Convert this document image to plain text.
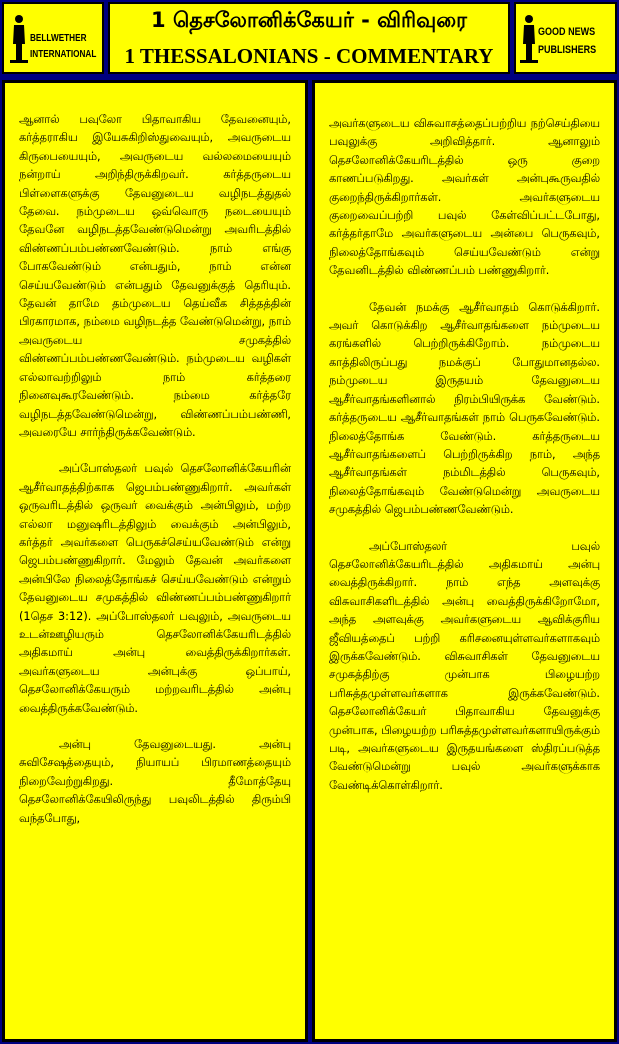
BELLWETHER
INTERNATIONAL
1 தெசலோனிக்கேயர் - விரிவுரை
1 THESSALONIANS - COMMENTARY
GOOD NEWS
PUBLISHERS

ஆனால் பவுலோ பிதாவாகிய தேவனையும், கர்த்தராகிய இயேசுகிறிஸ்துவையும், அவருடைய கிருபையையும், அவருடைய வல்லமையையும் நன்றாய் அறிந்திருக்கிறவர். கர்த்தருடைய பிள்ளைகளுக்கு தேவனுடைய வழிநடத்துதல் தேவை. நம்முடைய ஒவ்வொரு நடையையும் தேவனே வழிநடத்தவேண்டுமென்று அவரிடத்தில் விண்ணப்பம்பண்ணவேண்டும். நாம் எங்கு போகவேண்டும் என்பதும், நாம் என்ன செய்யவேண்டும் என்பதும் தேவனுக்குத் தெரியும். தேவன் தாமே தம்முடைய தெய்வீக சித்தத்தின் பிரகாரமாக, நம்மை வழிநடத்த வேண்டுமென்று, நாம் அவருடைய சமுகத்தில் விண்ணப்பம்பண்ணவேண்டும். நம்முடைய வழிகள் எல்லாவற்றிலும் நாம் கர்த்தரை நினைவுகூரவேண்டும். நம்மை கர்த்தரே வழிநடத்தவேண்டுமென்று, விண்ணப்பம்பண்ணி, அவரையே சார்ந்திருக்கவேண்டும்.

அப்போஸ்தலர் பவுல் தெசலோனிக்கேயரின் ஆசீர்வாதத்திற்காக ஜெபம்பண்ணுகிறார். அவர்கள் ஒருவரிடத்தில் ஒருவர் வைக்கும் அன்பிலும், மற்ற எல்லா மனுஷரிடத்திலும் வைக்கும் அன்பிலும், கர்த்தர் அவர்களை பெருகச்செய்யவேண்டும் என்று ஜெபம்பண்ணுகிறார். மேலும் தேவன் அவர்களை அன்பிலே நிலைத்தோங்கச் செய்யவேண்டும் என்றும் தேவனுடைய சமுகத்தில் விண்ணப்பம்பண்ணுகிறார் (1தெச 3:12). அப்போஸ்தலர் பவுலும், அவருடைய உடன்ஊழியரும் தெசலோனிக்கேயரிடத்தில் அதிகமாய் அன்பு வைத்திருக்கிறார்கள். அவர்களுடைய அன்புக்கு ஒப்பாய், தெசலோனிக்கேயரும் மற்றவரிடத்தில் அன்பு வைத்திருக்கவேண்டும்.

அன்பு தேவனுடையது. அன்பு சுவிசேஷத்தையும், நியாயப் பிரமாணத்தையும் நிறைவேற்றுகிறது. தீமோத்தேயு தெசலோனிக்கேயிலிருந்து பவுலிடத்தில் திரும்பி வந்தபோது,

அவர்களுடைய விசுவாசத்தைப்பற்றிய நற்செய்தியை பவுலுக்கு அறிவித்தார். ஆனாலும் தெசலோனிக்கேயரிடத்தில் ஒரு குறை காணப்படுகிறது. அவர்கள் அன்புகூருவதில் குறைந்திருக்கிறார்கள். அவர்களுடைய குறைவைப்பற்றி பவுல் கேள்விப்பட்டபோது, கர்த்தர்தாமே அவர்களுடைய அன்பை பெருகவும், நிலைத்தோங்கவும் செய்யவேண்டும் என்று தேவனிடத்தில் விண்ணப்பம் பண்ணுகிறார்.

தேவன் நமக்கு ஆசீர்வாதம் கொடுக்கிறார். அவர் கொடுக்கிற ஆசீர்வாதங்களை நம்முடைய கரங்களில் பெற்றிருக்கிறோம். நம்முடைய காத்திலிருப்பது நமக்குப் போதுமானதல்ல. நம்முடைய இருதயம் தேவனுடைய ஆசீர்வாதங்களினால் நிரம்பியிருக்க வேண்டும். கர்த்தருடைய ஆசீர்வாதங்கள் நாம் பெருகவேண்டும். நிலைத்தோங்க வேண்டும். கர்த்தருடைய ஆசீர்வாதங்களைப் பெற்றிருக்கிற நாம், அந்த ஆசீர்வாதங்கள் நம்மிடத்தில் பெருகவும், நிலைத்தோங்கவும் வேண்டுமென்று அவருடைய சமுகத்தில் ஜெபம்பண்ணவேண்டும்.

அப்போஸ்தலர் பவுல் தெசலோனிக்கேயரிடத்தில் அதிகமாய் அன்பு வைத்திருக்கிறார். நாம் எந்த அளவுக்கு விசுவாசிகளிடத்தில் அன்பு வைத்திருக்கிறோமோ, அந்த அளவுக்கு அவர்களுடைய ஆவிக்குரிய ஜீவியத்தைப் பற்றி கரிசனையுள்ளவர்களாகவும் இருக்கவேண்டும். விசுவாசிகள் தேவனுடைய சமுகத்திற்கு முன்பாக பிழையற்ற பரிசுத்தமுள்ளவர்களாக இருக்கவேண்டும். தெசலோனிக்கேயர் பிதாவாகிய தேவனுக்கு முன்பாக, பிழையற்ற பரிசுத்தமுள்ளவர்களாயிருக்கும் படி, அவர்களுடைய இருதயங்களை ஸ்திரப்படுத்த வேண்டுமென்று பவுல் அவர்களுக்காக வேண்டிக்கொள்கிறார்.
